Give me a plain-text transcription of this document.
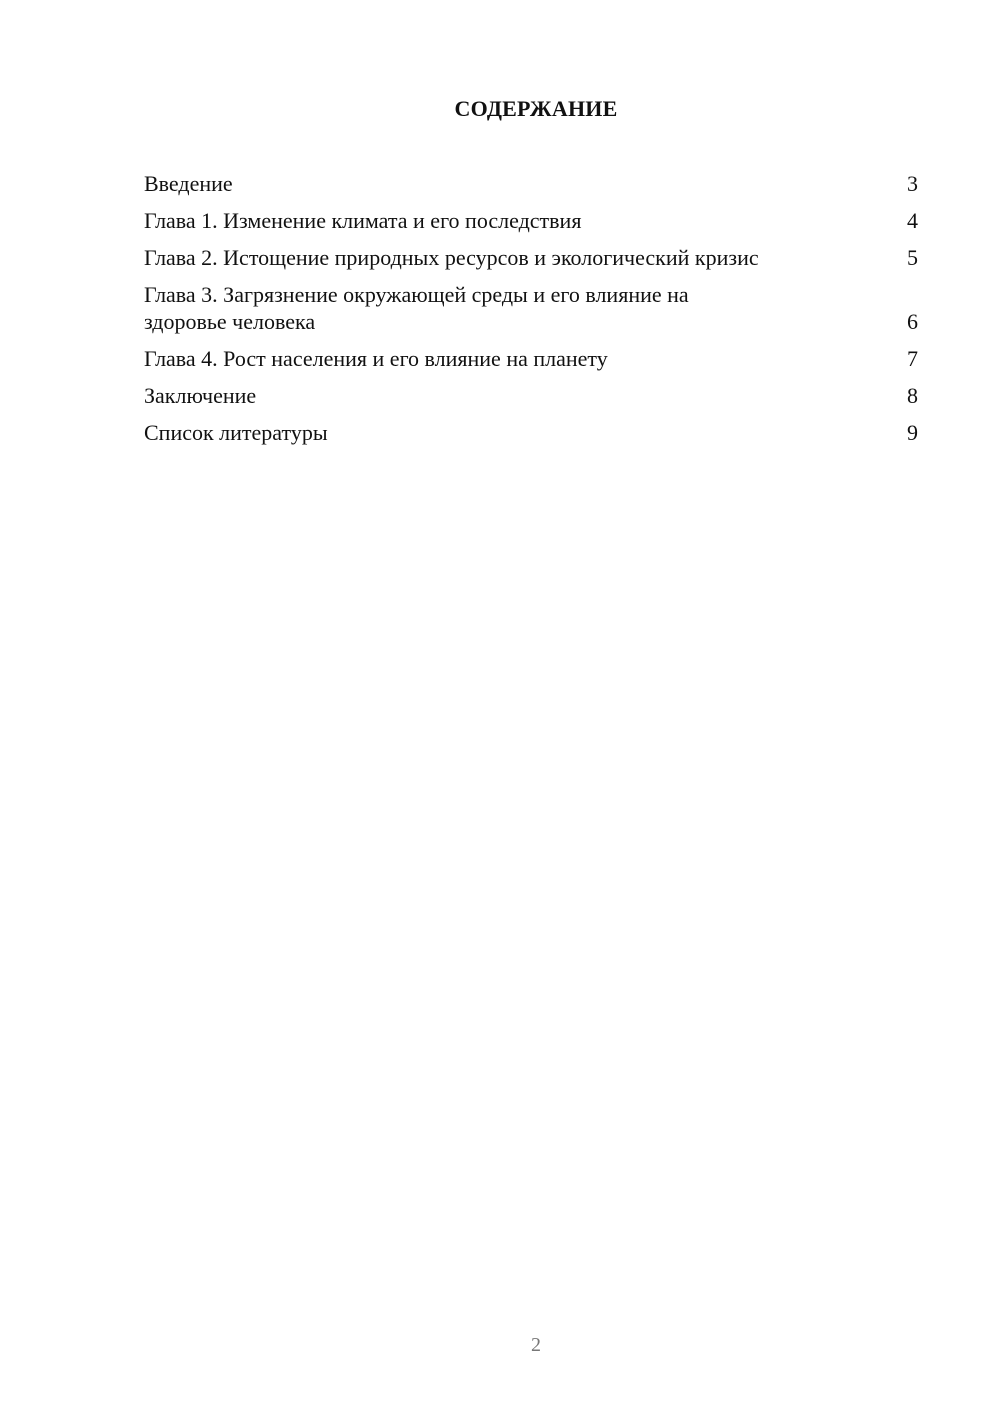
СОДЕРЖАНИЕ
Введение	3
Глава 1. Изменение климата и его последствия	4
Глава 2. Истощение природных ресурсов и экологический кризис	5
Глава 3. Загрязнение окружающей среды и его влияние на здоровье человека	6
Глава 4. Рост населения и его влияние на планету	7
Заключение	8
Список литературы	9
2
